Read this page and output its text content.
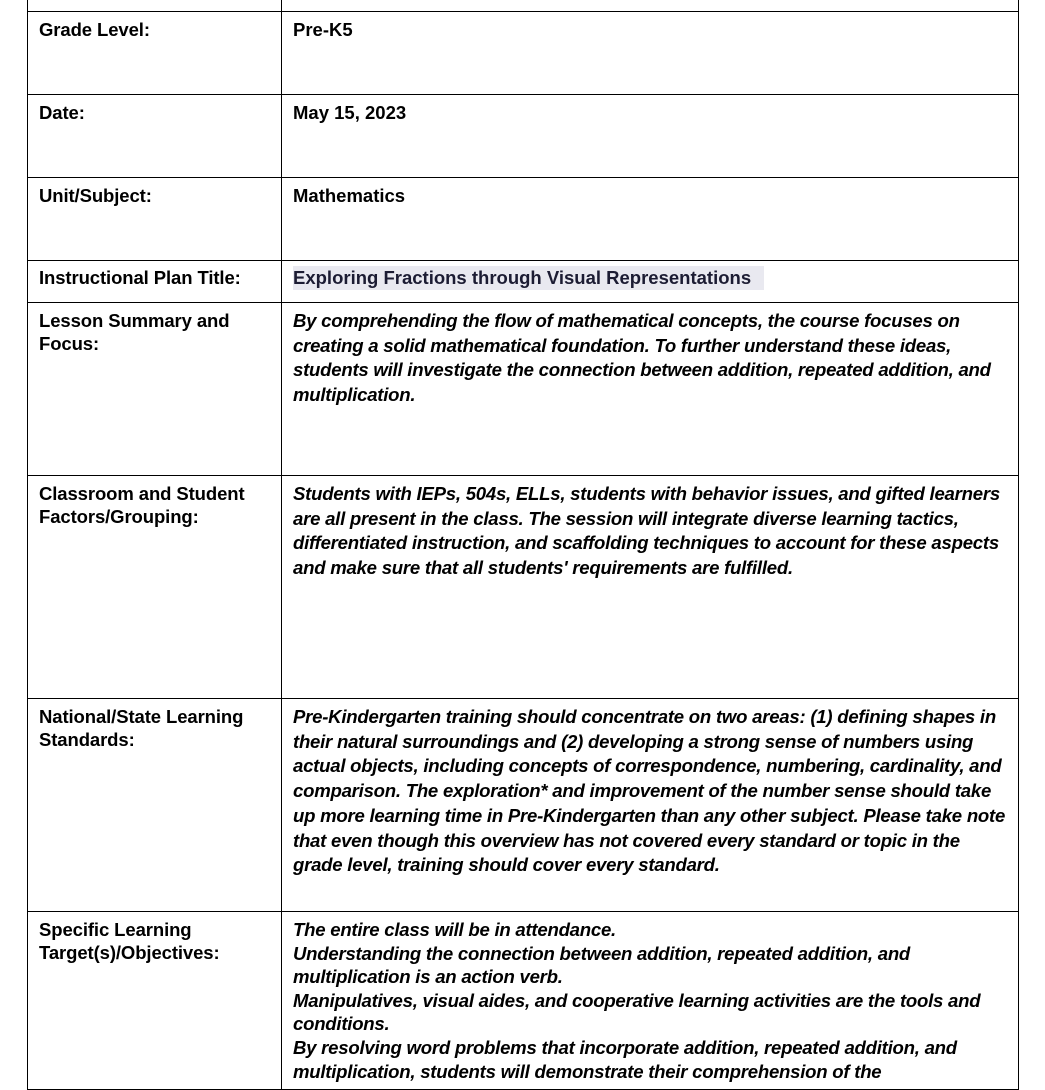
Grade Level:	Pre-K5
Date:	May 15, 2023
Unit/Subject:	Mathematics
Instructional Plan Title:	Exploring Fractions through Visual Representations
Lesson Summary and Focus:	By comprehending the flow of mathematical concepts, the course focuses on creating a solid mathematical foundation. To further understand these ideas, students will investigate the connection between addition, repeated addition, and multiplication.

Classroom and Student Factors/Grouping:	Students with IEPs, 504s, ELLs, students with behavior issues, and gifted learners are all present in the class. The session will integrate diverse learning tactics, differentiated instruction, and scaffolding techniques to account for these aspects and make sure that all students' requirements are fulfilled.

National/State Learning Standards:	Pre-Kindergarten training should concentrate on two areas: (1) defining shapes in their natural surroundings and (2) developing a strong sense of numbers using actual objects, including concepts of correspondence, numbering, cardinality, and comparison. The exploration* and improvement of the number sense should take up more learning time in Pre-Kindergarten than any other subject. Please take note that even though this overview has not covered every standard or topic in the grade level, training should cover every standard.

Specific Learning Target(s)/Objectives:	The entire class will be in attendance.

Understanding the connection between addition, repeated addition, and multiplication is an action verb.

Manipulatives, visual aides, and cooperative learning activities are the tools and conditions.

By resolving word problems that incorporate addition, repeated addition, and multiplication, students will demonstrate their comprehension of the
